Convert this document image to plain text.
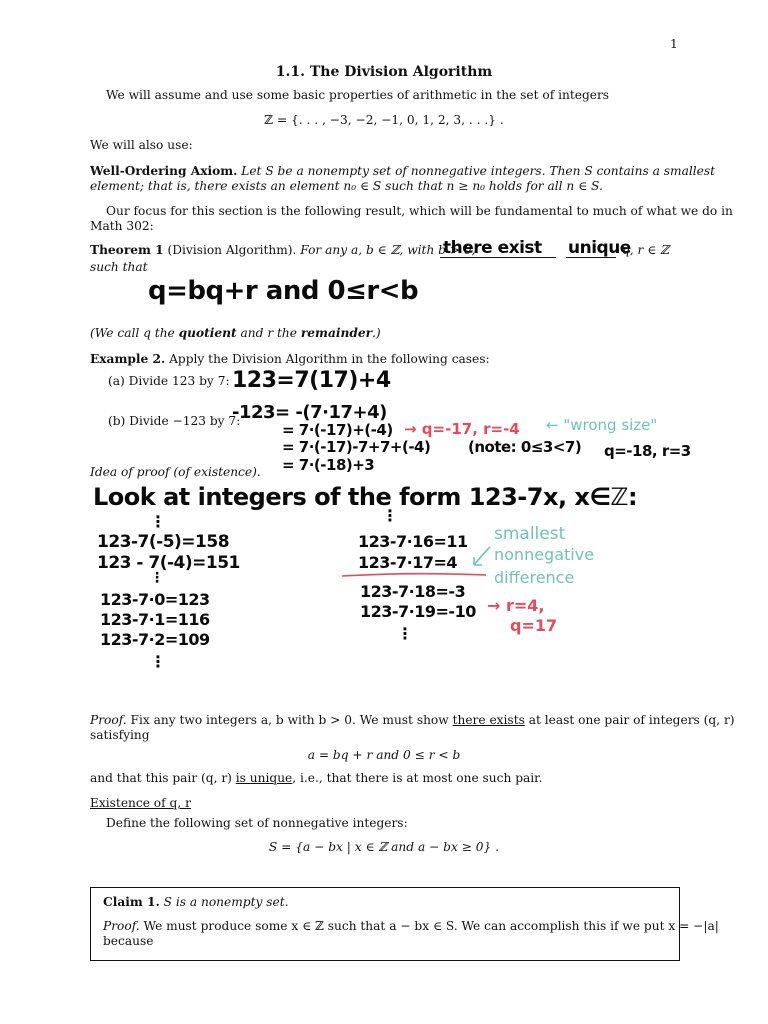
1
1.1. The Division Algorithm
We will assume and use some basic properties of arithmetic in the set of integers
ℤ = {. . . , −3, −2, −1, 0, 1, 2, 3, . . .} .
We will also use:
Well-Ordering Axiom. Let S be a nonempty set of nonnegative integers. Then S contains a smallest
element; that is, there exists an element n₀ ∈ S such that n ≥ n₀ holds for all n ∈ S.
Our focus for this section is the following result, which will be fundamental to much of what we do in
Math 302:
Theorem 1 (Division Algorithm). For any a, b ∈ ℤ, with b > 0,
there exist unique
q, r ∈ ℤ
such that
q=bq+r and 0≤r<b
(We call q the quotient and r the remainder.)
Example 2. Apply the Division Algorithm in the following cases:
(a) Divide 123 by 7: 123=7(17)+4
(b) Divide −123 by 7:
-123= -(7·17+4)
= 7·(-17)+(-4) → q=-17, r=-4 ← "wrong size"
= 7·(-17)-7+7+(-4)	(note: 0≤3<7) q=-18, r=3
= 7·(-18)+3
Idea of proof (of existence).
Look at integers of the form 123-7x, x∈ℤ:
⋮
123-7(-5)=158
123 - 7(-4)=151
⋮
123-7·0=123
123-7·1=116
123-7·2=109
⋮
⋮
123-7·16=11
123-7·17=4
123-7·18=-3
123-7·19=-10
⋮
smallest
nonnegative
difference
→ r=4,
q=17
Proof. Fix any two integers a, b with b > 0. We must show there exists at least one pair of integers (q, r)
satisfying
a = bq + r and 0 ≤ r < b
and that this pair (q, r) is unique, i.e., that there is at most one such pair.
Existence of q, r
Define the following set of nonnegative integers:
S = {a − bx | x ∈ ℤ and a − bx ≥ 0} .
Claim 1. S is a nonempty set.
Proof. We must produce some x ∈ ℤ such that a − bx ∈ S. We can accomplish this if we put x = −|a|
because
